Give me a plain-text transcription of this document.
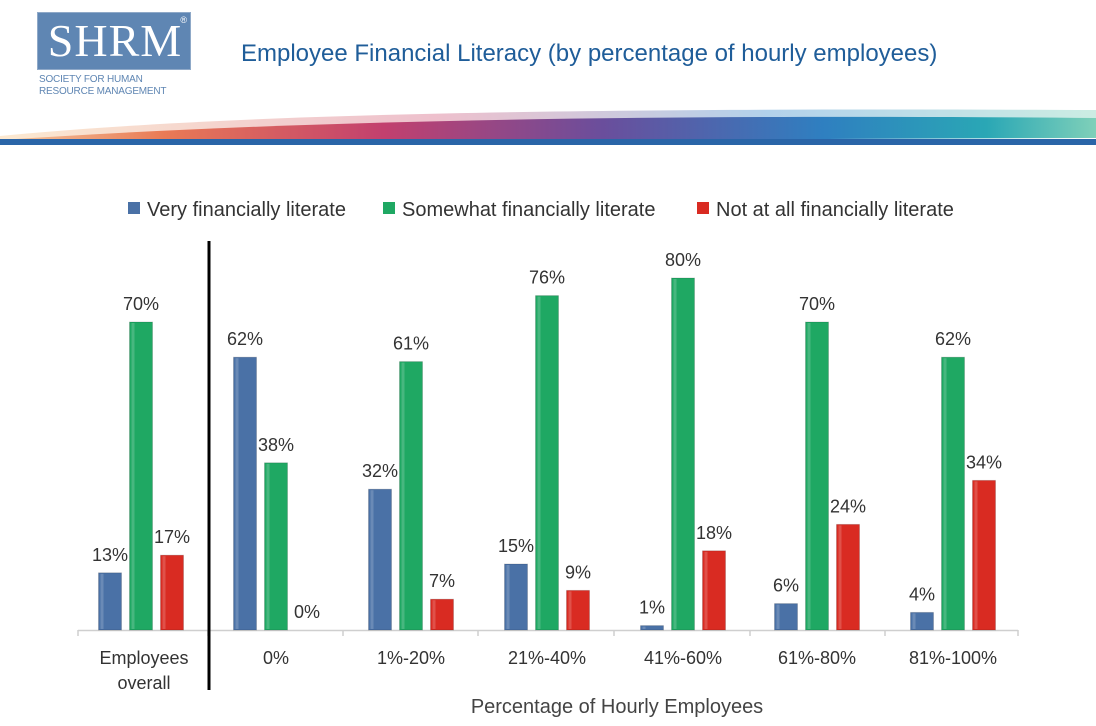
SHRM
®
SOCIETY FOR HUMAN
RESOURCE MANAGEMENT
Employee Financial Literacy (by percentage of hourly employees)
Very financially literate	Somewhat financially literate	Not at all financially literate
13%
70%
17%
Employees
overall
62%
38%
0%
0%
32%
61%
7%
1%-20%
15%
76%
9%
21%-40%
1%
80%
18%
41%-60%
6%
70%
24%
61%-80%
4%
62%
34%
81%-100%
Percentage of Hourly Employees
